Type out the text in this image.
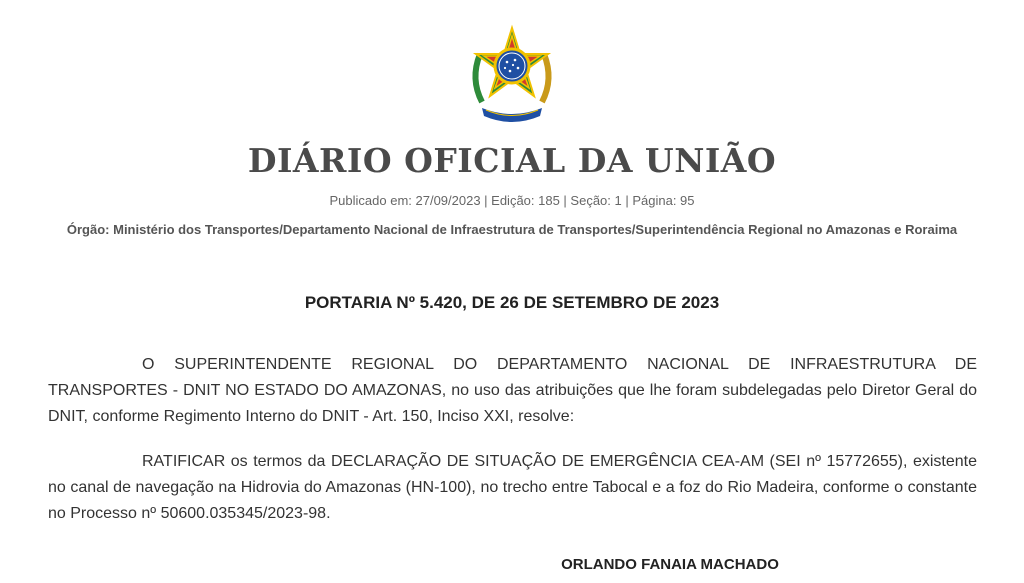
DIÁRIO OFICIAL DA UNIÃO
Publicado em: 27/09/2023 | Edição: 185 | Seção: 1 | Página: 95
Órgão: Ministério dos Transportes/Departamento Nacional de Infraestrutura de Transportes/Superintendência Regional no Amazonas e Roraima
PORTARIA Nº 5.420, DE 26 DE SETEMBRO DE 2023

O SUPERINTENDENTE REGIONAL DO DEPARTAMENTO NACIONAL DE INFRAESTRUTURA DE TRANSPORTES - DNIT NO ESTADO DO AMAZONAS, no uso das atribuições que lhe foram subdelegadas pelo Diretor Geral do DNIT, conforme Regimento Interno do DNIT - Art. 150, Inciso XXI, resolve:

RATIFICAR os termos da DECLARAÇÃO DE SITUAÇÃO DE EMERGÊNCIA CEA-AM (SEI nº 15772655), existente no canal de navegação na Hidrovia do Amazonas (HN-100), no trecho entre Tabocal e a foz do Rio Madeira, conforme o constante no Processo nº 50600.035345/2023-98.

ORLANDO FANAIA MACHADO
